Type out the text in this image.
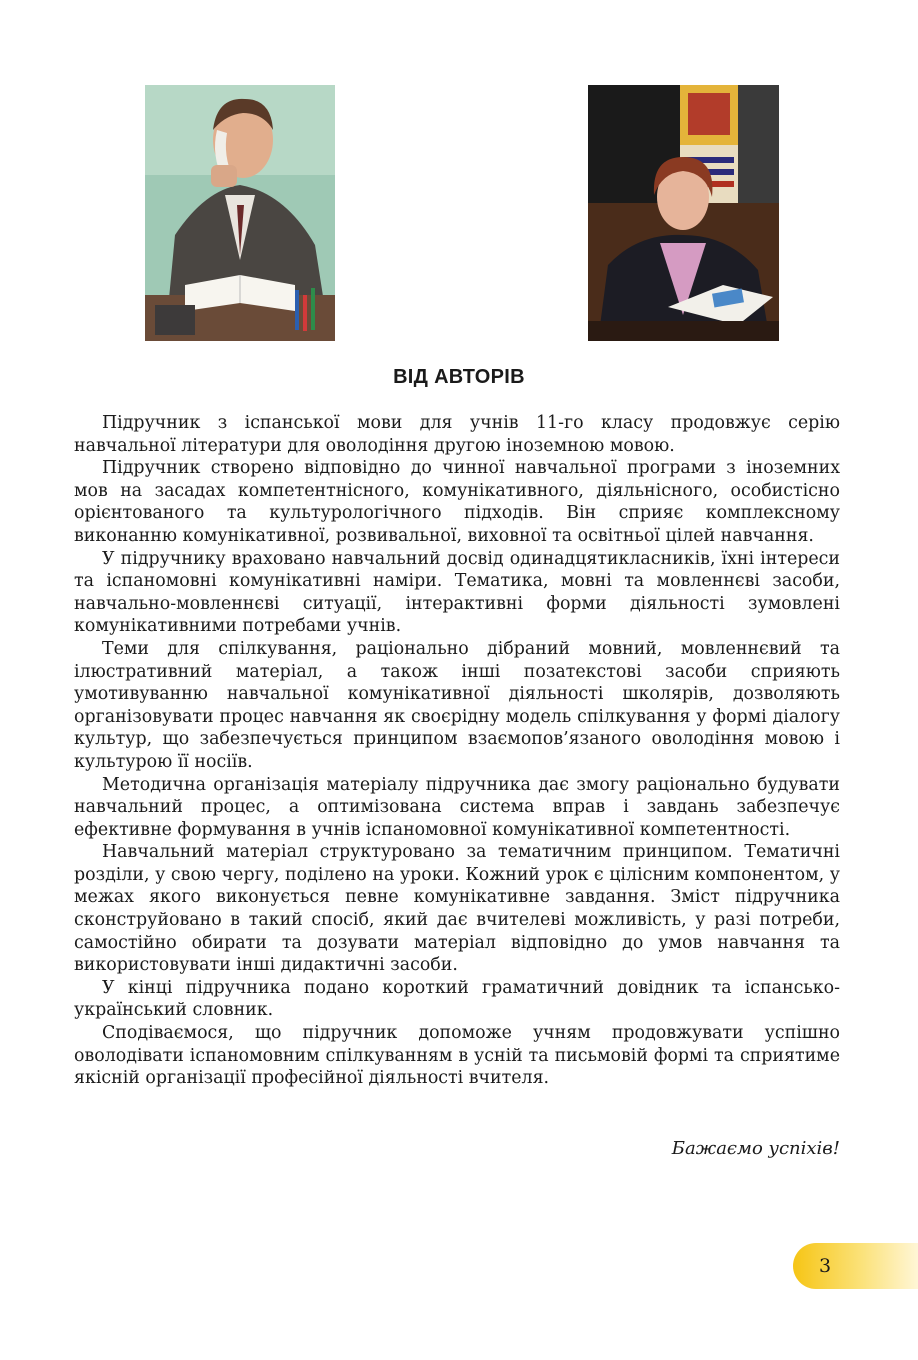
ВІД АВТОРІВ

Підручник з іспанської мови для учнів 11-го класу продовжує серію навчальної літератури для оволодіння другою іноземною мовою.

Підручник створено відповідно до чинної навчальної програми з іноземних мов на засадах компетентнісного, комунікативного, діяльнісного, особистісно орієнтованого та культурологічного підходів. Він сприяє комплексному виконанню комунікативної, розвивальної, виховної та освітньої цілей навчання.

У підручнику враховано навчальний досвід одинадцятикласників, їхні інтереси та іспаномовні комунікативні наміри. Тематика, мовні та мовленнєві засоби, навчально-мовленнєві ситуації, інтерактивні форми діяльності зумовлені комунікативними потребами учнів.

Теми для спілкування, раціонально дібраний мовний, мовленнєвий та ілюстративний матеріал, а також інші позатекстові засоби сприяють умотивуванню навчальної комунікативної діяльності школярів, дозволяють організовувати процес навчання як своєрідну модель спілкування у формі діалогу культур, що забезпечується принципом взаємопов’язаного оволодіння мовою і культурою її носіїв.

Методична організація матеріалу підручника дає змогу раціонально будувати навчальний процес, а оптимізована система вправ і завдань забезпечує ефективне формування в учнів іспаномовної комунікативної компетентності.

Навчальний матеріал структуровано за тематичним принципом. Тематичні розділи, у свою чергу, поділено на уроки. Кожний урок є цілісним компонентом, у межах якого виконується певне комунікативне завдання. Зміст підручника сконструйовано в такий спосіб, який дає вчителеві можливість, у разі потреби, самостійно обирати та дозувати матеріал відповідно до умов навчання та використовувати інші дидактичні засоби.

У кінці підручника подано короткий граматичний довідник та іспансько-український словник.

Сподіваємося, що підручник допоможе учням продовжувати успішно оволодівати іспаномовним спілкуванням в усній та письмовій формі та сприятиме якісній організації професійної діяльності вчителя.

Бажаємо успіхів!
3
